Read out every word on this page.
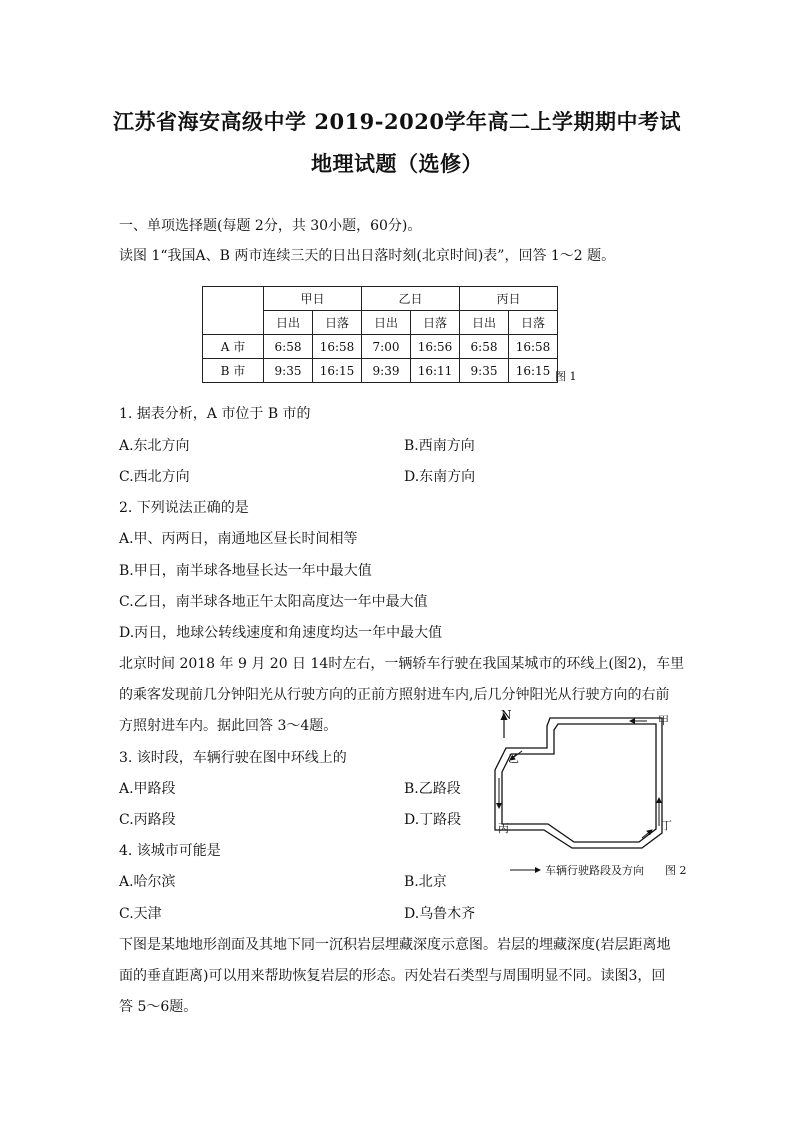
江苏省海安高级中学 2019-2020学年高二上学期期中考试
地理试题（选修）
一、单项选择题(每题 2分，共 30小题，60分)。
读图 1“我国A、B 两市连续三天的日出日落时刻(北京时间)表”，回答 1～2 题。
	甲日		乙日		丙日	
	日出	日落	日出	日落	日出	日落
A 市	6:58	16:58	7:00	16:56	6:58	16:58
B 市	9:35	16:15	9:39	16:11	9:35	16:15 图 1
1. 据表分析，A 市位于 B 市的
A.东北方向	B.西南方向
C.西北方向	D.东南方向
2. 下列说法正确的是
A.甲、丙两日，南通地区昼长时间相等
B.甲日，南半球各地昼长达一年中最大值
C.乙日，南半球各地正午太阳高度达一年中最大值
D.丙日，地球公转线速度和角速度均达一年中最大值
北京时间 2018 年 9 月 20 日 14时左右，一辆轿车行驶在我国某城市的环线上(图2)，车里
的乘客发现前几分钟阳光从行驶方向的正前方照射进车内,后几分钟阳光从行驶方向的右前
方照射进车内。据此回答 3～4题。
3. 该时段，车辆行驶在图中环线上的
A.甲路段	B.乙路段
C.丙路段	D.丁路段
4. 该城市可能是
A.哈尔滨	B.北京
C.天津	D.乌鲁木齐
N	甲
乙
丙	丁
车辆行驶路段及方向 图 2
下图是某地地形剖面及其地下同一沉积岩层埋藏深度示意图。岩层的埋藏深度(岩层距离地
面的垂直距离)可以用来帮助恢复岩层的形态。丙处岩石类型与周围明显不同。读图3，回
答 5～6题。
